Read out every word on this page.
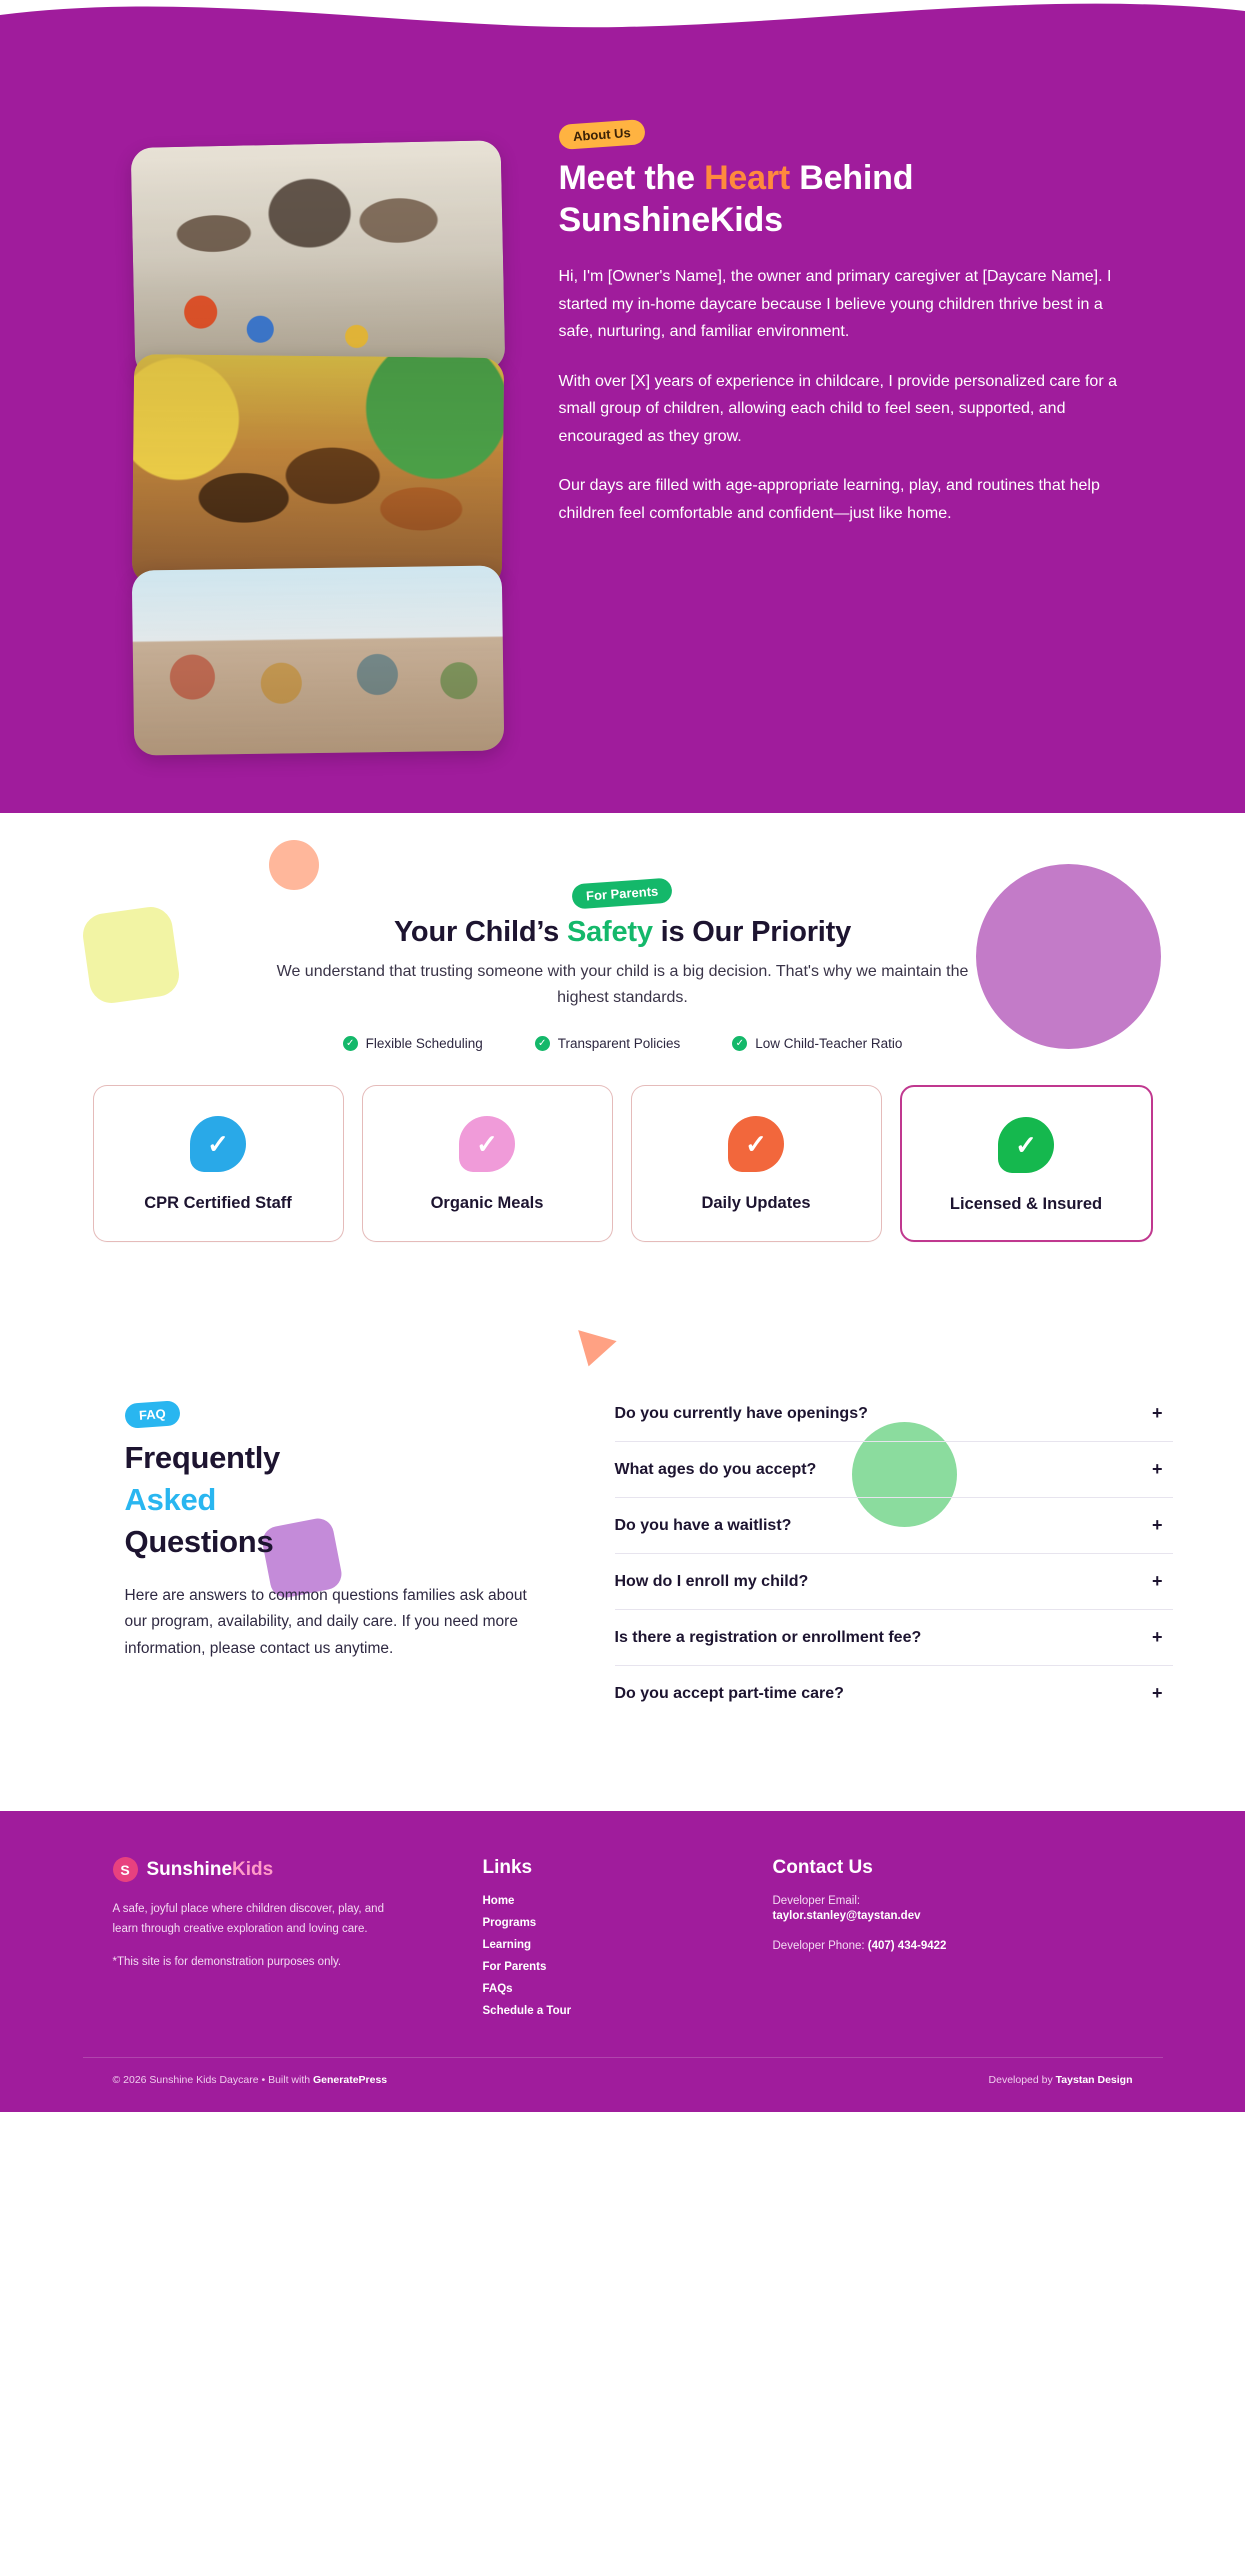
About Us
Meet the Heart Behind SunshineKids

Hi, I'm [Owner's Name], the owner and primary caregiver at [Daycare Name]. I started my in-home daycare because I believe young children thrive best in a safe, nurturing, and familiar environment.

With over [X] years of experience in childcare, I provide personalized care for a small group of children, allowing each child to feel seen, supported, and encouraged as they grow.

Our days are filled with age-appropriate learning, play, and routines that help children feel comfortable and confident—just like home.

For Parents
Your Child’s Safety is Our Priority

We understand that trusting someone with your child is a big decision. That's why we maintain the highest standards.

✓ Flexible Scheduling	✓ Transparent Policies	✓ Low Child-Teacher Ratio
✓
CPR Certified Staff
✓
Organic Meals
✓
Daily Updates
✓
Licensed & Insured
FAQ
Frequently
Asked
Questions

Here are answers to common questions families ask about our program, availability, and daily care. If you need more information, please contact us anytime.

Do you currently have openings?	+
What ages do you accept?	+
Do you have a waitlist?	+
How do I enroll my child?	+
Is there a registration or enrollment fee?	+
Do you accept part-time care?	+
S SunshineKids

A safe, joyful place where children discover, play, and learn through creative exploration and loving care.

*This site is for demonstration purposes only.

Links
Home
Programs
Learning
For Parents
FAQs
Schedule a Tour
Contact Us
Developer Email:
taylor.stanley@taystan.dev
Developer Phone: (407) 434-9422
© 2026 Sunshine Kids Daycare • Built with GeneratePress	Developed by Taystan Design
